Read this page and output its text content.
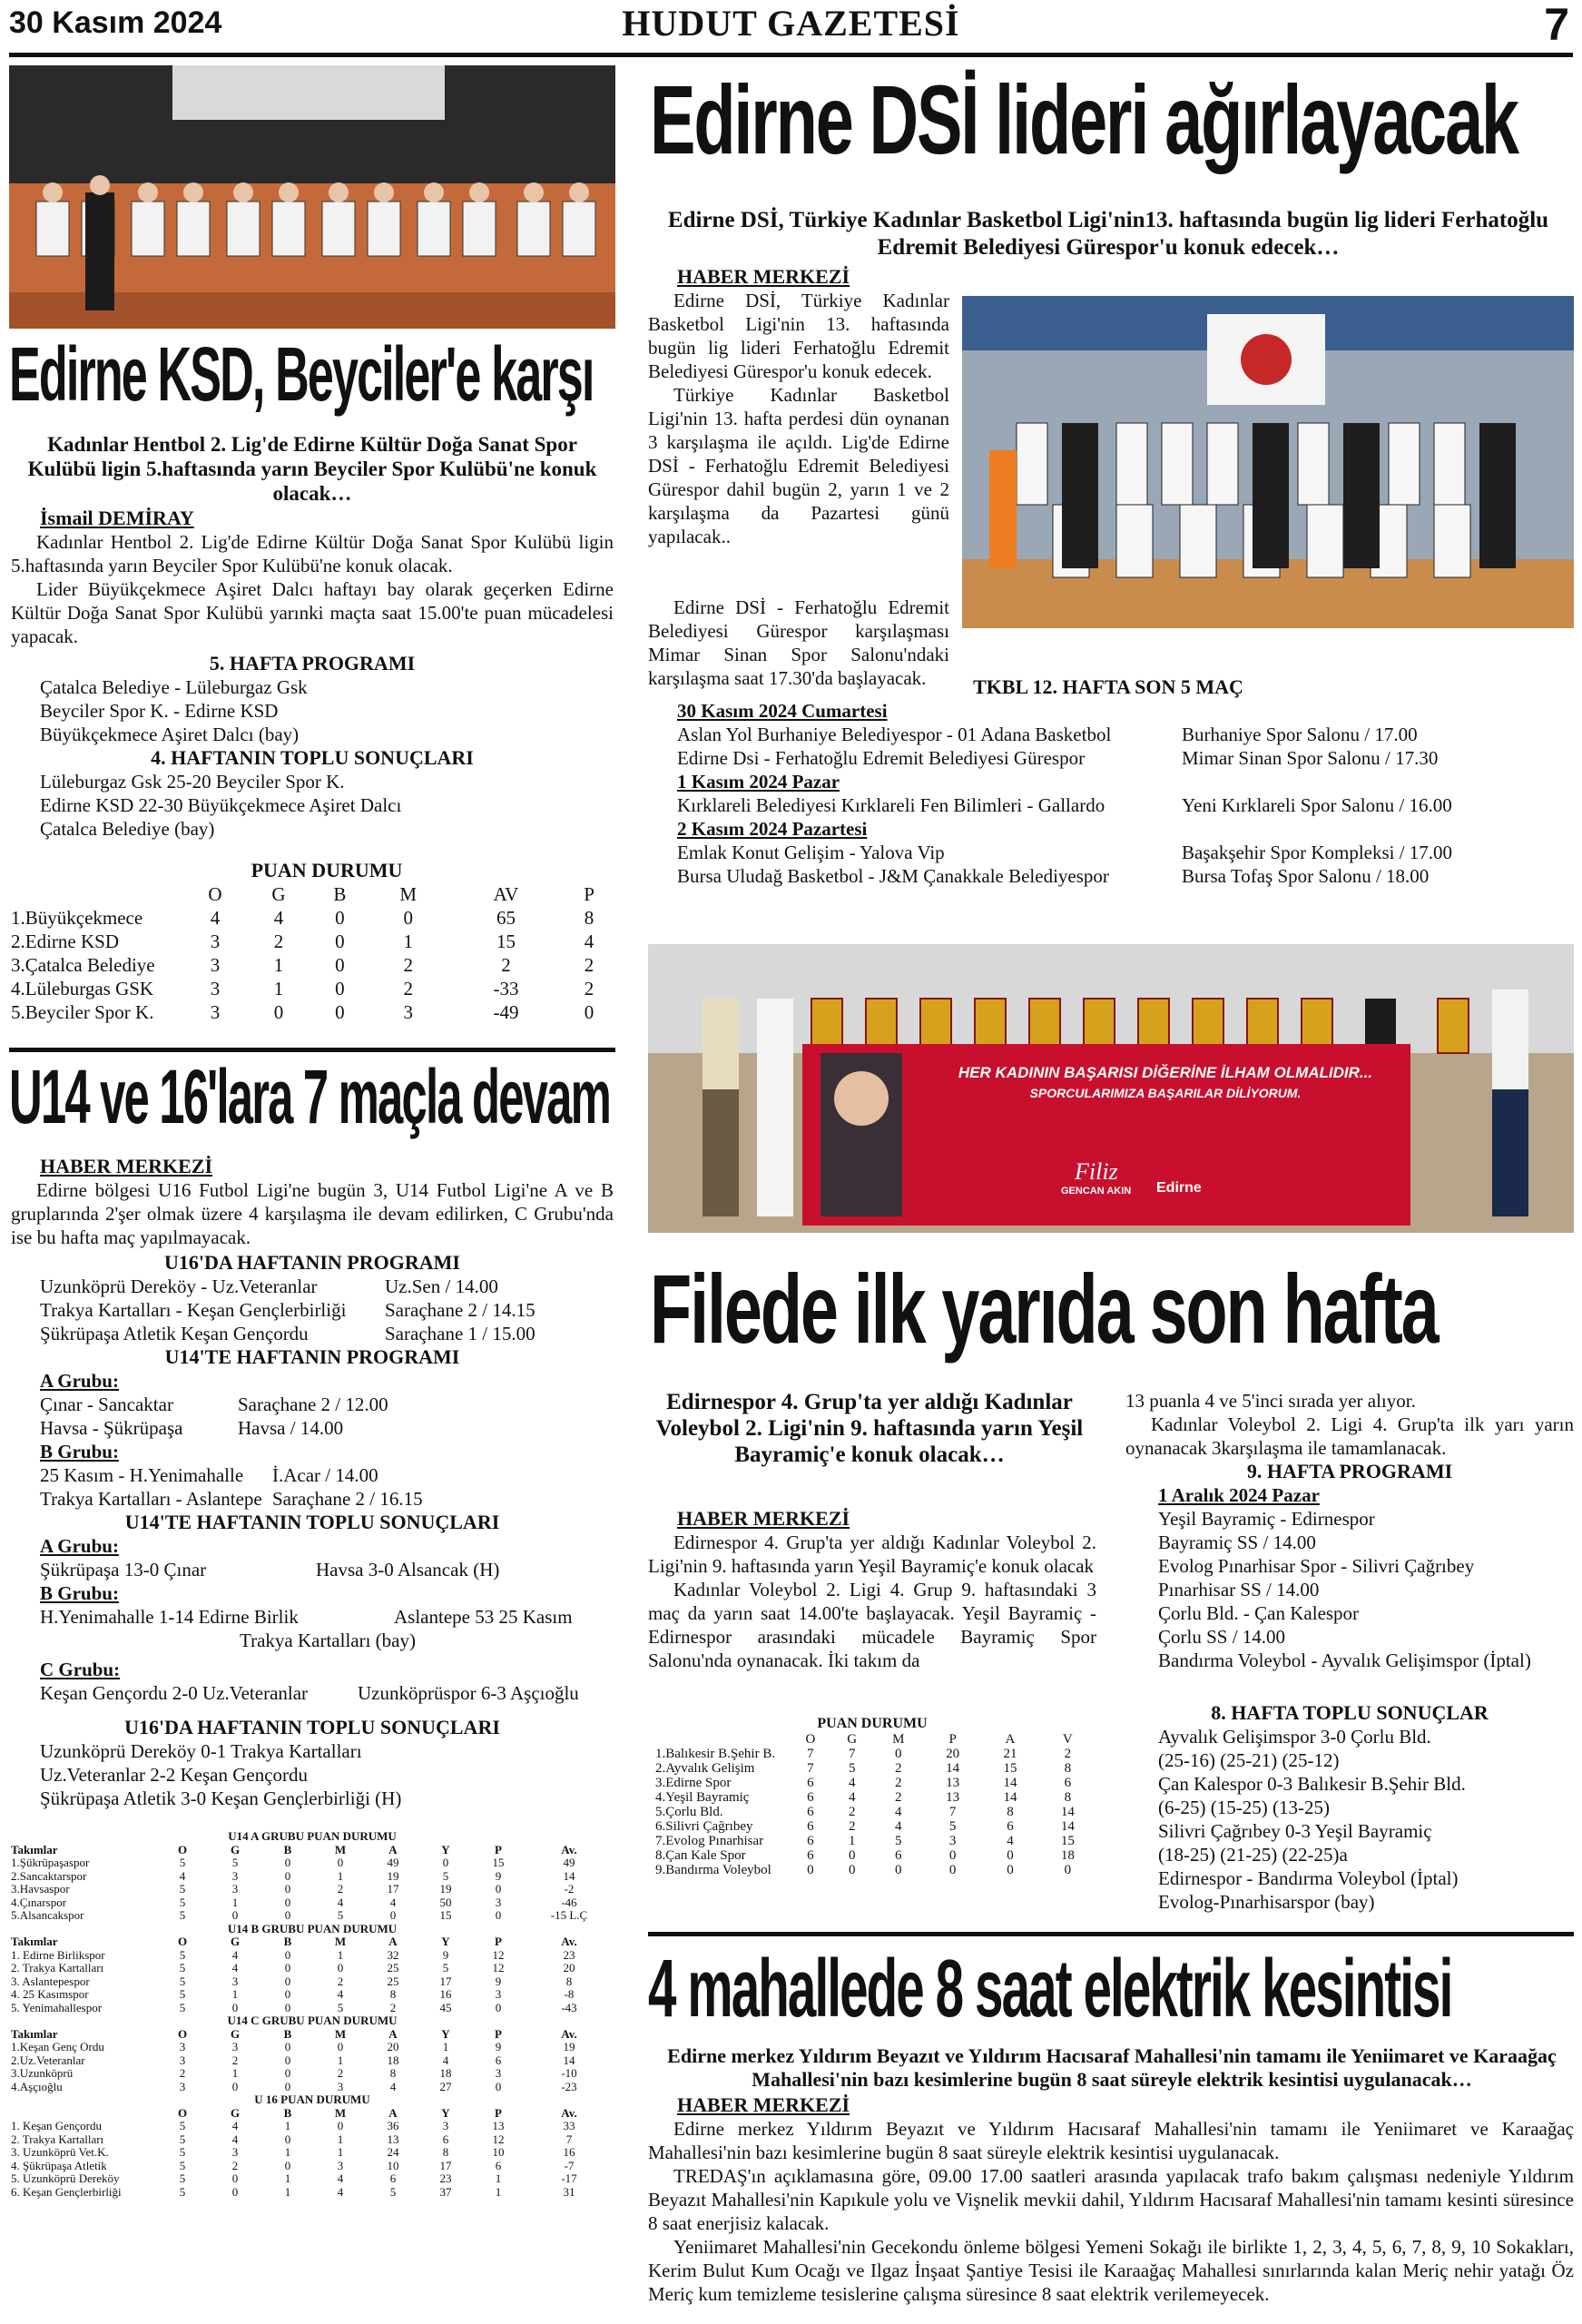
30 Kasım 2024	HUDUT GAZETESİ	7
Edirne KSD, Beyciler'e karşı
Kadınlar Hentbol 2. Lig'de Edirne Kültür Doğa Sanat Spor Kulübü ligin 5.haftasında yarın Beyciler Spor Kulübü'ne konuk olacak…
İsmail DEMİRAY

Kadınlar Hentbol 2. Lig'de Edirne Kültür Doğa Sanat Spor Kulübü ligin 5.haftasında yarın Beyciler Spor Kulübü'ne konuk olacak.

Lider Büyükçekmece Aşiret Dalcı haftayı bay olarak geçerken Edirne Kültür Doğa Sanat Spor Kulübü yarınki maçta saat 15.00'te puan mücadelesi yapacak.

5. HAFTA PROGRAMI
Çatalca Belediye - Lüleburgaz Gsk
Beyciler Spor K. - Edirne KSD
Büyükçekmece Aşiret Dalcı (bay)
4. HAFTANIN TOPLU SONUÇLARI
Lüleburgaz Gsk 25-20 Beyciler Spor K.
Edirne KSD 22-30 Büyükçekmece Aşiret Dalcı
Çatalca Belediye (bay)
PUAN DURUMU
	O	G	B	M	AV	P
1.Büyükçekmece	4	4	0	0	65	8
2.Edirne KSD	3	2	0	1	15	4
3.Çatalca Belediye	3	1	0	2	2	2
4.Lüleburgas GSK	3	1	0	2	-33	2
5.Beyciler Spor K.	3	0	0	3	-49	0
U14 ve 16'lara 7 maçla devam
HABER MERKEZİ

Edirne bölgesi U16 Futbol Ligi'ne bugün 3, U14 Futbol Ligi'ne A ve B gruplarında 2'şer olmak üzere 4 karşılaşma ile devam edilirken, C Grubu'nda ise bu hafta maç yapılmayacak.

U16'DA HAFTANIN PROGRAMI
Uzunköprü Dereköy - Uz.Veteranlar	Uz.Sen / 14.00
Trakya Kartalları - Keşan Gençlerbirliği	Saraçhane 2 / 14.15
Şükrüpaşa Atletik Keşan Gençordu	Saraçhane 1 / 15.00
U14'TE HAFTANIN PROGRAMI
A Grubu:
Çınar - Sancaktar	Saraçhane 2 / 12.00
Havsa - Şükrüpaşa	Havsa / 14.00
B Grubu:
25 Kasım - H.Yenimahalle	İ.Acar / 14.00
Trakya Kartalları - Aslantepe Saraçhane 2 / 16.15
U14'TE HAFTANIN TOPLU SONUÇLARI
A Grubu:
Şükrüpaşa 13-0 Çınar	Havsa 3-0 Alsancak (H)
B Grubu:
H.Yenimahalle 1-14 Edirne Birlik	Aslantepe 53 25 Kasım
Trakya Kartalları (bay)
C Grubu:
Keşan Gençordu 2-0 Uz.Veteranlar	Uzunköprüspor 6-3 Aşçıoğlu
U16'DA HAFTANIN TOPLU SONUÇLARI
Uzunköprü Dereköy 0-1 Trakya Kartalları
Uz.Veteranlar 2-2 Keşan Gençordu
Şükrüpaşa Atletik 3-0 Keşan Gençlerbirliği (H)
U14 A GRUBU PUAN DURUMU
Takımlar	O	G	B	M	A	Y	P	Av.
1.Şükrüpaşaspor	5	5	0	0	49	0	15	49
2.Sancaktarspor	4	3	0	1	19	5	9	14
3.Havsaspor	5	3	0	2	17	19	0	-2
4.Çınarspor	5	1	0	4	4	50	3	-46
5.Alsancakspor	5	0	0	5	0	15	0	-15 L.Ç
U14 B GRUBU PUAN DURUMU
Takımlar	O	G	B	M	A	Y	P	Av.
1. Edirne Birlikspor	5	4	0	1	32	9	12	23
2. Trakya Kartalları	5	4	0	0	25	5	12	20
3. Aslantepespor	5	3	0	2	25	17	9	8
4. 25 Kasımspor	5	1	0	4	8	16	3	-8
5. Yenimahallespor	5	0	0	5	2	45	0	-43
U14 C GRUBU PUAN DURUMU
Takımlar	O	G	B	M	A	Y	P	Av.
1.Keşan Genç Ordu	3	3	0	0	20	1	9	19
2.Uz.Veteranlar	3	2	0	1	18	4	6	14
3.Uzunköprü	2	1	0	2	8	18	3	-10
4.Aşçıoğlu	3	0	0	3	4	27	0	-23
U 16 PUAN DURUMU
	O	G	B	M	A	Y	P	Av.
1. Keşan Gençordu	5	4	1	0	36	3	13	33
2. Trakya Kartalları	5	4	0	1	13	6	12	7
3. Uzunköprü Vet.K.	5	3	1	1	24	8	10	16
4. Şükrüpaşa Atletik	5	2	0	3	10	17	6	-7
5. Uzunköprü Dereköy	5	0	1	4	6	23	1	-17
6. Keşan Gençlerbirliği	5	0	1	4	5	37	1	31
Edirne DSİ lideri ağırlayacak
Edirne DSİ, Türkiye Kadınlar Basketbol Ligi'nin13. haftasında bugün lig lideri Ferhatoğlu Edremit Belediyesi Gürespor'u konuk edecek…
HABER MERKEZİ

Edirne DSİ, Türkiye Kadınlar Basketbol Ligi'nin 13. haftasında bugün lig lideri Ferhatoğlu Edremit Belediyesi Gürespor'u konuk edecek.

Türkiye Kadınlar Basketbol Ligi'nin 13. hafta perdesi dün oynanan 3 karşılaşma ile açıldı. Lig'de Edirne DSİ - Ferhatoğlu Edremit Belediyesi Gürespor dahil bugün 2, yarın 1 ve 2 karşılaşma da Pazartesi günü yapılacak..

Edirne DSİ - Ferhatoğlu Edremit Belediyesi Gürespor karşılaşması Mimar Sinan Spor Salonu'ndaki karşılaşma saat 17.30'da başlayacak.	TKBL 12. HAFTA SON 5 MAÇ
30 Kasım 2024 Cumartesi
Aslan Yol Burhaniye Belediyespor - 01 Adana Basketbol	Burhaniye Spor Salonu / 17.00
Edirne Dsi - Ferhatoğlu Edremit Belediyesi Gürespor	Mimar Sinan Spor Salonu / 17.30
1 Kasım 2024 Pazar
Kırklareli Belediyesi Kırklareli Fen Bilimleri - Gallardo	Yeni Kırklareli Spor Salonu / 16.00
2 Kasım 2024 Pazartesi
Emlak Konut Gelişim - Yalova Vip	Başakşehir Spor Kompleksi / 17.00
Bursa Uludağ Basketbol - J&M Çanakkale Belediyespor	Bursa Tofaş Spor Salonu / 18.00
HER KADININ BAŞARISI DİĞERİNE İLHAM OLMALIDIR...
SPORCULARIMIZA BAŞARILAR DİLİYORUM.
Filiz
GENCAN AKIN Edirne
Filede ilk yarıda son hafta
Edirnespor 4. Grup'ta yer aldığı Kadınlar Voleybol 2. Ligi'nin 9. haftasında yarın Yeşil Bayramiç'e konuk olacak…
HABER MERKEZİ

Edirnespor 4. Grup'ta yer aldığı Kadınlar Voleybol 2. Ligi'nin 9. haftasında yarın Yeşil Bayramiç'e konuk olacak

Kadınlar Voleybol 2. Ligi 4. Grup 9. haftasındaki 3 maç da yarın saat 14.00'te başlayacak. Yeşil Bayramiç - Edirnespor arasındaki mücadele Bayramiç Spor Salonu'nda oynanacak. İki takım da

PUAN DURUMU
	O	G	M	P	A	V
1.Balıkesir B.Şehir B.	7	7	0	20	21	2
2.Ayvalık Gelişim	7	5	2	14	15	8
3.Edirne Spor	6	4	2	13	14	6
4.Yeşil Bayramiç	6	4	2	13	14	8
5.Çorlu Bld.	6	2	4	7	8	14
6.Silivri Çağrıbey	6	2	4	5	6	14
7.Evolog Pınarhisar	6	1	5	3	4	15
8.Çan Kale Spor	6	0	6	0	0	18
9.Bandırma Voleybol	0	0	0	0	0	0

13 puanla 4 ve 5'inci sırada yer alıyor.

Kadınlar Voleybol 2. Ligi 4. Grup'ta ilk yarı yarın oynanacak 3karşılaşma ile tamamlanacak.

9. HAFTA PROGRAMI
1 Aralık 2024 Pazar
Yeşil Bayramiç - Edirnespor
Bayramiç SS / 14.00
Evolog Pınarhisar Spor - Silivri Çağrıbey
Pınarhisar SS / 14.00
Çorlu Bld. - Çan Kalespor
Çorlu SS / 14.00

Bandırma Voleybol - Ayvalık Gelişimspor (İptal)

8. HAFTA TOPLU SONUÇLAR
Ayvalık Gelişimspor 3-0 Çorlu Bld.
(25-16) (25-21) (25-12)
Çan Kalespor 0-3 Balıkesir B.Şehir Bld.
(6-25) (15-25) (13-25)
Silivri Çağrıbey 0-3 Yeşil Bayramiç
(18-25) (21-25) (22-25)a
Edirnespor - Bandırma Voleybol (İptal)
Evolog-Pınarhisarspor (bay)
4 mahallede 8 saat elektrik kesintisi
Edirne merkez Yıldırım Beyazıt ve Yıldırım Hacısaraf Mahallesi'nin tamamı ile Yeniimaret ve Karaağaç Mahallesi'nin bazı kesimlerine bugün 8 saat süreyle elektrik kesintisi uygulanacak…
HABER MERKEZİ

Edirne merkez Yıldırım Beyazıt ve Yıldırım Hacısaraf Mahallesi'nin tamamı ile Yeniimaret ve Karaağaç Mahallesi'nin bazı kesimlerine bugün 8 saat süreyle elektrik kesintisi uygulanacak.

TREDAŞ'ın açıklamasına göre, 09.00 17.00 saatleri arasında yapılacak trafo bakım çalışması nedeniyle Yıldırım Beyazıt Mahallesi'nin Kapıkule yolu ve Vişnelik mevkii dahil, Yıldırım Hacısaraf Mahallesi'nin tamamı kesinti süresince 8 saat enerjisiz kalacak.

Yeniimaret Mahallesi'nin Gecekondu önleme bölgesi Yemeni Sokağı ile birlikte 1, 2, 3, 4, 5, 6, 7, 8, 9, 10 Sokakları, Kerim Bulut Kum Ocağı ve Ilgaz İnşaat Şantiye Tesisi ile Karaağaç Mahallesi sınırlarında kalan Meriç nehir yatağı Öz Meriç kum temizleme tesislerine çalışma süresince 8 saat elektrik verilemeyecek.
